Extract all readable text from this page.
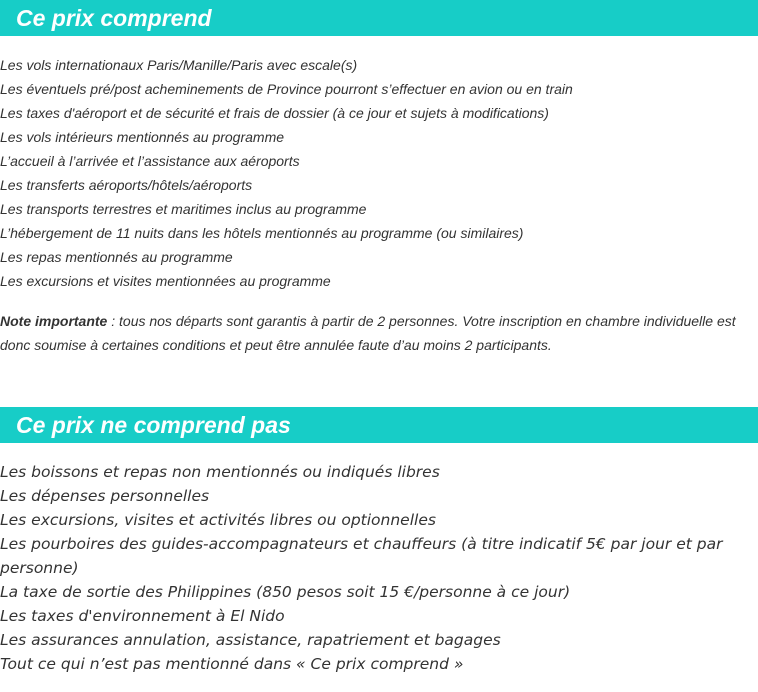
Ce prix comprend
Les vols internationaux Paris/Manille/Paris avec escale(s)
Les éventuels pré/post acheminements de Province pourront s’effectuer en avion ou en train
Les taxes d'aéroport et de sécurité et frais de dossier (à ce jour et sujets à modifications)
Les vols intérieurs mentionnés au programme
L’accueil à l’arrivée et l’assistance aux aéroports
Les transferts aéroports/hôtels/aéroports
Les transports terrestres et maritimes inclus au programme
L’hébergement de 11 nuits dans les hôtels mentionnés au programme (ou similaires)
Les repas mentionnés au programme
Les excursions et visites mentionnées au programme

Note importante : tous nos départs sont garantis à partir de 2 personnes. Votre inscription en chambre individuelle est donc soumise à certaines conditions et peut être annulée faute d’au moins 2 participants.

Ce prix ne comprend pas
Les boissons et repas non mentionnés ou indiqués libres
Les dépenses personnelles
Les excursions, visites et activités libres ou optionnelles
Les pourboires des guides-accompagnateurs et chauffeurs (à titre indicatif 5€ par jour et par personne)
La taxe de sortie des Philippines (850 pesos soit 15 €/personne à ce jour)
Les taxes d'environnement à El Nido
Les assurances annulation, assistance, rapatriement et bagages
Tout ce qui n’est pas mentionné dans « Ce prix comprend »
